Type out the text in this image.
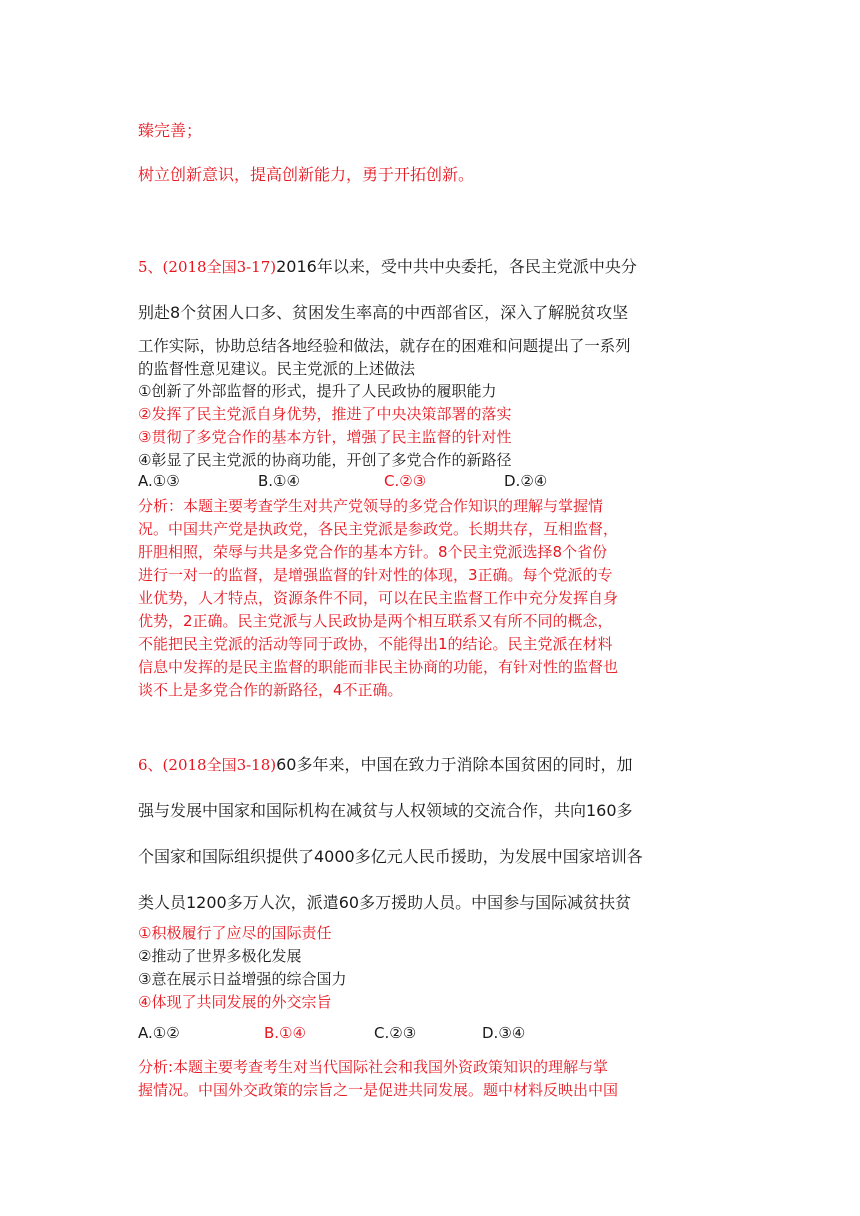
臻完善；

树立创新意识，提高创新能力，勇于开拓创新。

5、(2018全国3-17)2016年以来，受中共中央委托，各民主党派中央分

别赴8个贫困人口多、贫困发生率高的中西部省区，深入了解脱贫攻坚

工作实际，协助总结各地经验和做法，就存在的困难和问题提出了一系列

的监督性意见建议。民主党派的上述做法

①创新了外部监督的形式，提升了人民政协的履职能力

②发挥了民主党派自身优势，推进了中央决策部署的落实

③贯彻了多党合作的基本方针，增强了民主监督的针对性

④彰显了民主党派的协商功能，开创了多党合作的新路径

A.①③	B.①④	C.②③	D.②④

分析：本题主要考查学生对共产党领导的多党合作知识的理解与掌握情

况。中国共产党是执政党，各民主党派是参政党。长期共存，互相监督，

肝胆相照，荣辱与共是多党合作的基本方针。8个民主党派选择8个省份

进行一对一的监督，是增强监督的针对性的体现，3正确。每个党派的专

业优势，人才特点，资源条件不同，可以在民主监督工作中充分发挥自身

优势，2正确。民主党派与人民政协是两个相互联系又有所不同的概念，

不能把民主党派的活动等同于政协，不能得出1的结论。民主党派在材料

信息中发挥的是民主监督的职能而非民主协商的功能，有针对性的监督也

谈不上是多党合作的新路径，4不正确。

6、(2018全国3-18)60多年来，中国在致力于消除本国贫困的同时，加

强与发展中国家和国际机构在减贫与人权领域的交流合作，共向160多

个国家和国际组织提供了4000多亿元人民币援助，为发展中国家培训各

类人员1200多万人次，派遣60多万援助人员。中国参与国际减贫扶贫

①积极履行了应尽的国际责任

②推动了世界多极化发展

③意在展示日益增强的综合国力

④体现了共同发展的外交宗旨

A.①②	B.①④	C.②③	D.③④

分析:本题主要考查考生对当代国际社会和我国外资政策知识的理解与掌

握情况。中国外交政策的宗旨之一是促进共同发展。题中材料反映出中国
